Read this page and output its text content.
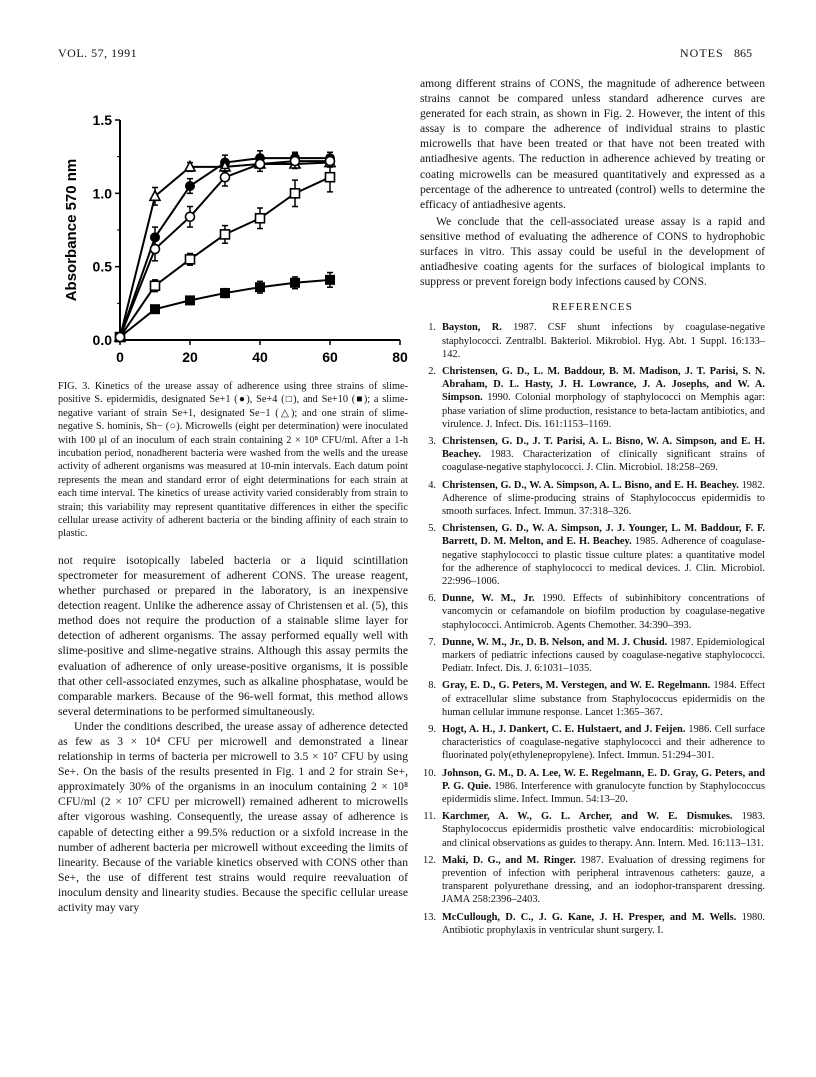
VOL. 57, 1991	NOTES 865
0.0
0.5
1.0
1.5
0	20	40	60	80
Absorbance 570 nm

FIG. 3. Kinetics of the urease assay of adherence using three strains of slime-positive S. epidermidis, designated Se+1 (●), Se+4 (□), and Se+10 (■); a slime-negative variant of strain Se+1, designated Se−1 (△); and one strain of slime-negative S. hominis, Sh− (○). Microwells (eight per determination) were inoculated with 100 μl of an inoculum of each strain containing 2 × 10⁸ CFU/ml. After a 1-h incubation period, nonadherent bacteria were washed from the wells and the urease activity of adherent organisms was measured at 10-min intervals. Each datum point represents the mean and standard error of eight determinations for each strain at each time interval. The kinetics of urease activity varied considerably from strain to strain; this variability may represent quantitative differences in either the specific cellular urease activity of adherent bacteria or the binding affinity of each strain to plastic.

not require isotopically labeled bacteria or a liquid scintillation spectrometer for measurement of adherent CONS. The urease reagent, whether purchased or prepared in the laboratory, is an inexpensive detection reagent. Unlike the adherence assay of Christensen et al. (5), this method does not require the production of a stainable slime layer for detection of adherent organisms. The assay performed equally well with slime-positive and slime-negative strains. Although this assay permits the evaluation of adherence of only urease-positive organisms, it is possible that other cell-associated enzymes, such as alkaline phosphatase, would be comparable markers. Because of the 96-well format, this method allows several determinations to be performed simultaneously.

Under the conditions described, the urease assay of adherence detected as few as 3 × 10⁴ CFU per microwell and demonstrated a linear relationship in terms of bacteria per microwell to 3.5 × 10⁷ CFU by using Se+. On the basis of the results presented in Fig. 1 and 2 for strain Se+, approximately 30% of the organisms in an inoculum containing 2 × 10⁸ CFU/ml (2 × 10⁷ CFU per microwell) remained adherent to microwells after vigorous washing. Consequently, the urease assay of adherence is capable of detecting either a 99.5% reduction or a sixfold increase in the number of adherent bacteria per microwell without exceeding the limits of linearity. Because of the variable kinetics observed with CONS other than Se+, the use of different test strains would require reevaluation of inoculum density and linearity studies. Because the specific cellular urease activity may vary

among different strains of CONS, the magnitude of adherence between strains cannot be compared unless standard adherence curves are generated for each strain, as shown in Fig. 2. However, the intent of this assay is to compare the adherence of individual strains to plastic microwells that have been treated or that have not been treated with antiadhesive agents. The reduction in adherence achieved by treating or coating microwells can be measured quantitatively and expressed as a percentage of the adherence to untreated (control) wells to determine the efficacy of antiadhesive agents.

We conclude that the cell-associated urease assay is a rapid and sensitive method of evaluating the adherence of CONS to hydrophobic surfaces in vitro. This assay could be useful in the development of antiadhesive coating agents for the surfaces of biological implants to suppress or prevent foreign body infections caused by CONS.

REFERENCES
1. Bayston, R. 1987. CSF shunt infections by coagulase-negative staphylococci. Zentralbl. Bakteriol. Mikrobiol. Hyg. Abt. 1 Suppl. 16:133–142.
2. Christensen, G. D., L. M. Baddour, B. M. Madison, J. T. Parisi, S. N. Abraham, D. L. Hasty, J. H. Lowrance, J. A. Josephs, and W. A. Simpson. 1990. Colonial morphology of staphylococci on Memphis agar: phase variation of slime production, resistance to beta-lactam antibiotics, and virulence. J. Infect. Dis. 161:1153–1169.
3. Christensen, G. D., J. T. Parisi, A. L. Bisno, W. A. Simpson, and E. H. Beachey. 1983. Characterization of clinically significant strains of coagulase-negative staphylococci. J. Clin. Microbiol. 18:258–269.
4. Christensen, G. D., W. A. Simpson, A. L. Bisno, and E. H. Beachey. 1982. Adherence of slime-producing strains of Staphylococcus epidermidis to smooth surfaces. Infect. Immun. 37:318–326.
5. Christensen, G. D., W. A. Simpson, J. J. Younger, L. M. Baddour, F. F. Barrett, D. M. Melton, and E. H. Beachey. 1985. Adherence of coagulase-negative staphylococci to plastic tissue culture plates: a quantitative model for the adherence of staphylococci to medical devices. J. Clin. Microbiol. 22:996–1006.
6. Dunne, W. M., Jr. 1990. Effects of subinhibitory concentrations of vancomycin or cefamandole on biofilm production by coagulase-negative staphylococci. Antimicrob. Agents Chemother. 34:390–393.
7. Dunne, W. M., Jr., D. B. Nelson, and M. J. Chusid. 1987. Epidemiological markers of pediatric infections caused by coagulase-negative staphylococci. Pediatr. Infect. Dis. J. 6:1031–1035.
8. Gray, E. D., G. Peters, M. Verstegen, and W. E. Regelmann. 1984. Effect of extracellular slime substance from Staphylococcus epidermidis on the human cellular immune response. Lancet 1:365–367.
9. Hogt, A. H., J. Dankert, C. E. Hulstaert, and J. Feijen. 1986. Cell surface characteristics of coagulase-negative staphylococci and their adherence to fluorinated poly(ethylenepropylene). Infect. Immun. 51:294–301.
10. Johnson, G. M., D. A. Lee, W. E. Regelmann, E. D. Gray, G. Peters, and P. G. Quie. 1986. Interference with granulocyte function by Staphylococcus epidermidis slime. Infect. Immun. 54:13–20.
11. Karchmer, A. W., G. L. Archer, and W. E. Dismukes. 1983. Staphylococcus epidermidis prosthetic valve endocarditis: microbiological and clinical observations as guides to therapy. Ann. Intern. Med. 16:113–131.
12. Maki, D. G., and M. Ringer. 1987. Evaluation of dressing regimens for prevention of infection with peripheral intravenous catheters: gauze, a transparent polyurethane dressing, and an iodophor-transparent dressing. JAMA 258:2396–2403.
13. McCullough, D. C., J. G. Kane, J. H. Presper, and M. Wells. 1980. Antibiotic prophylaxis in ventricular shunt surgery. I.
